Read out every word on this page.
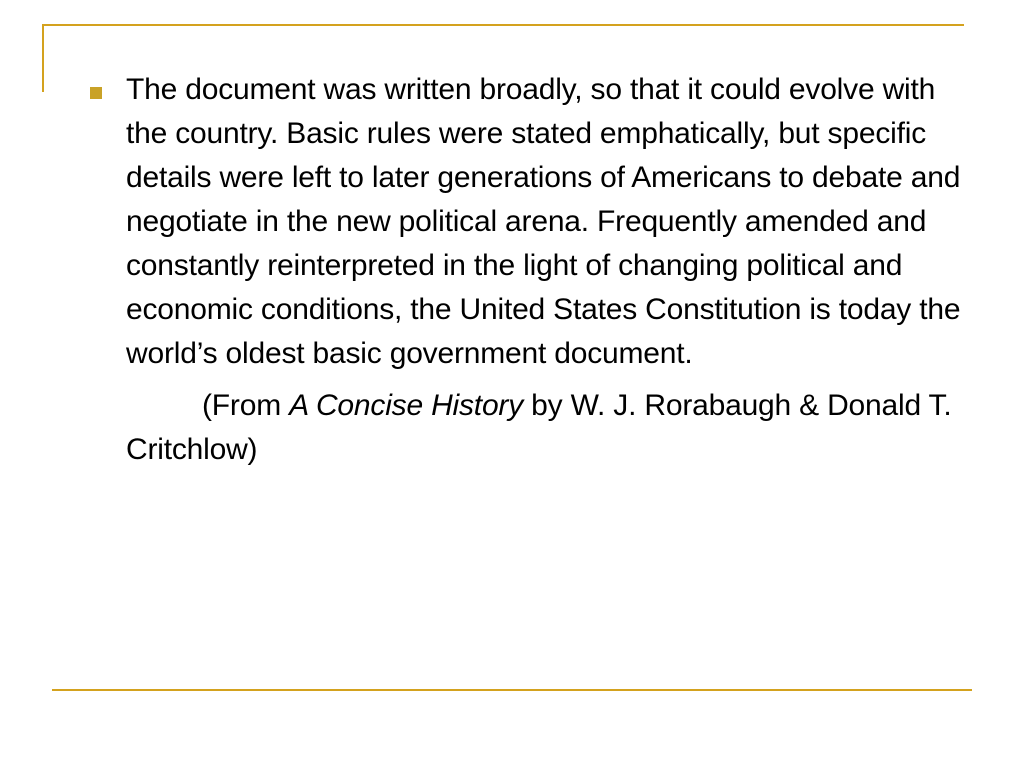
The document was written broadly, so that it could evolve with the country. Basic rules were stated emphatically, but specific details were left to later generations of Americans to debate and negotiate in the new political arena. Frequently amended and constantly reinterpreted in the light of changing political and economic conditions, the United States Constitution is today the world’s oldest basic government document.

(From A Concise History by W. J. Rorabaugh & Donald T. Critchlow)
